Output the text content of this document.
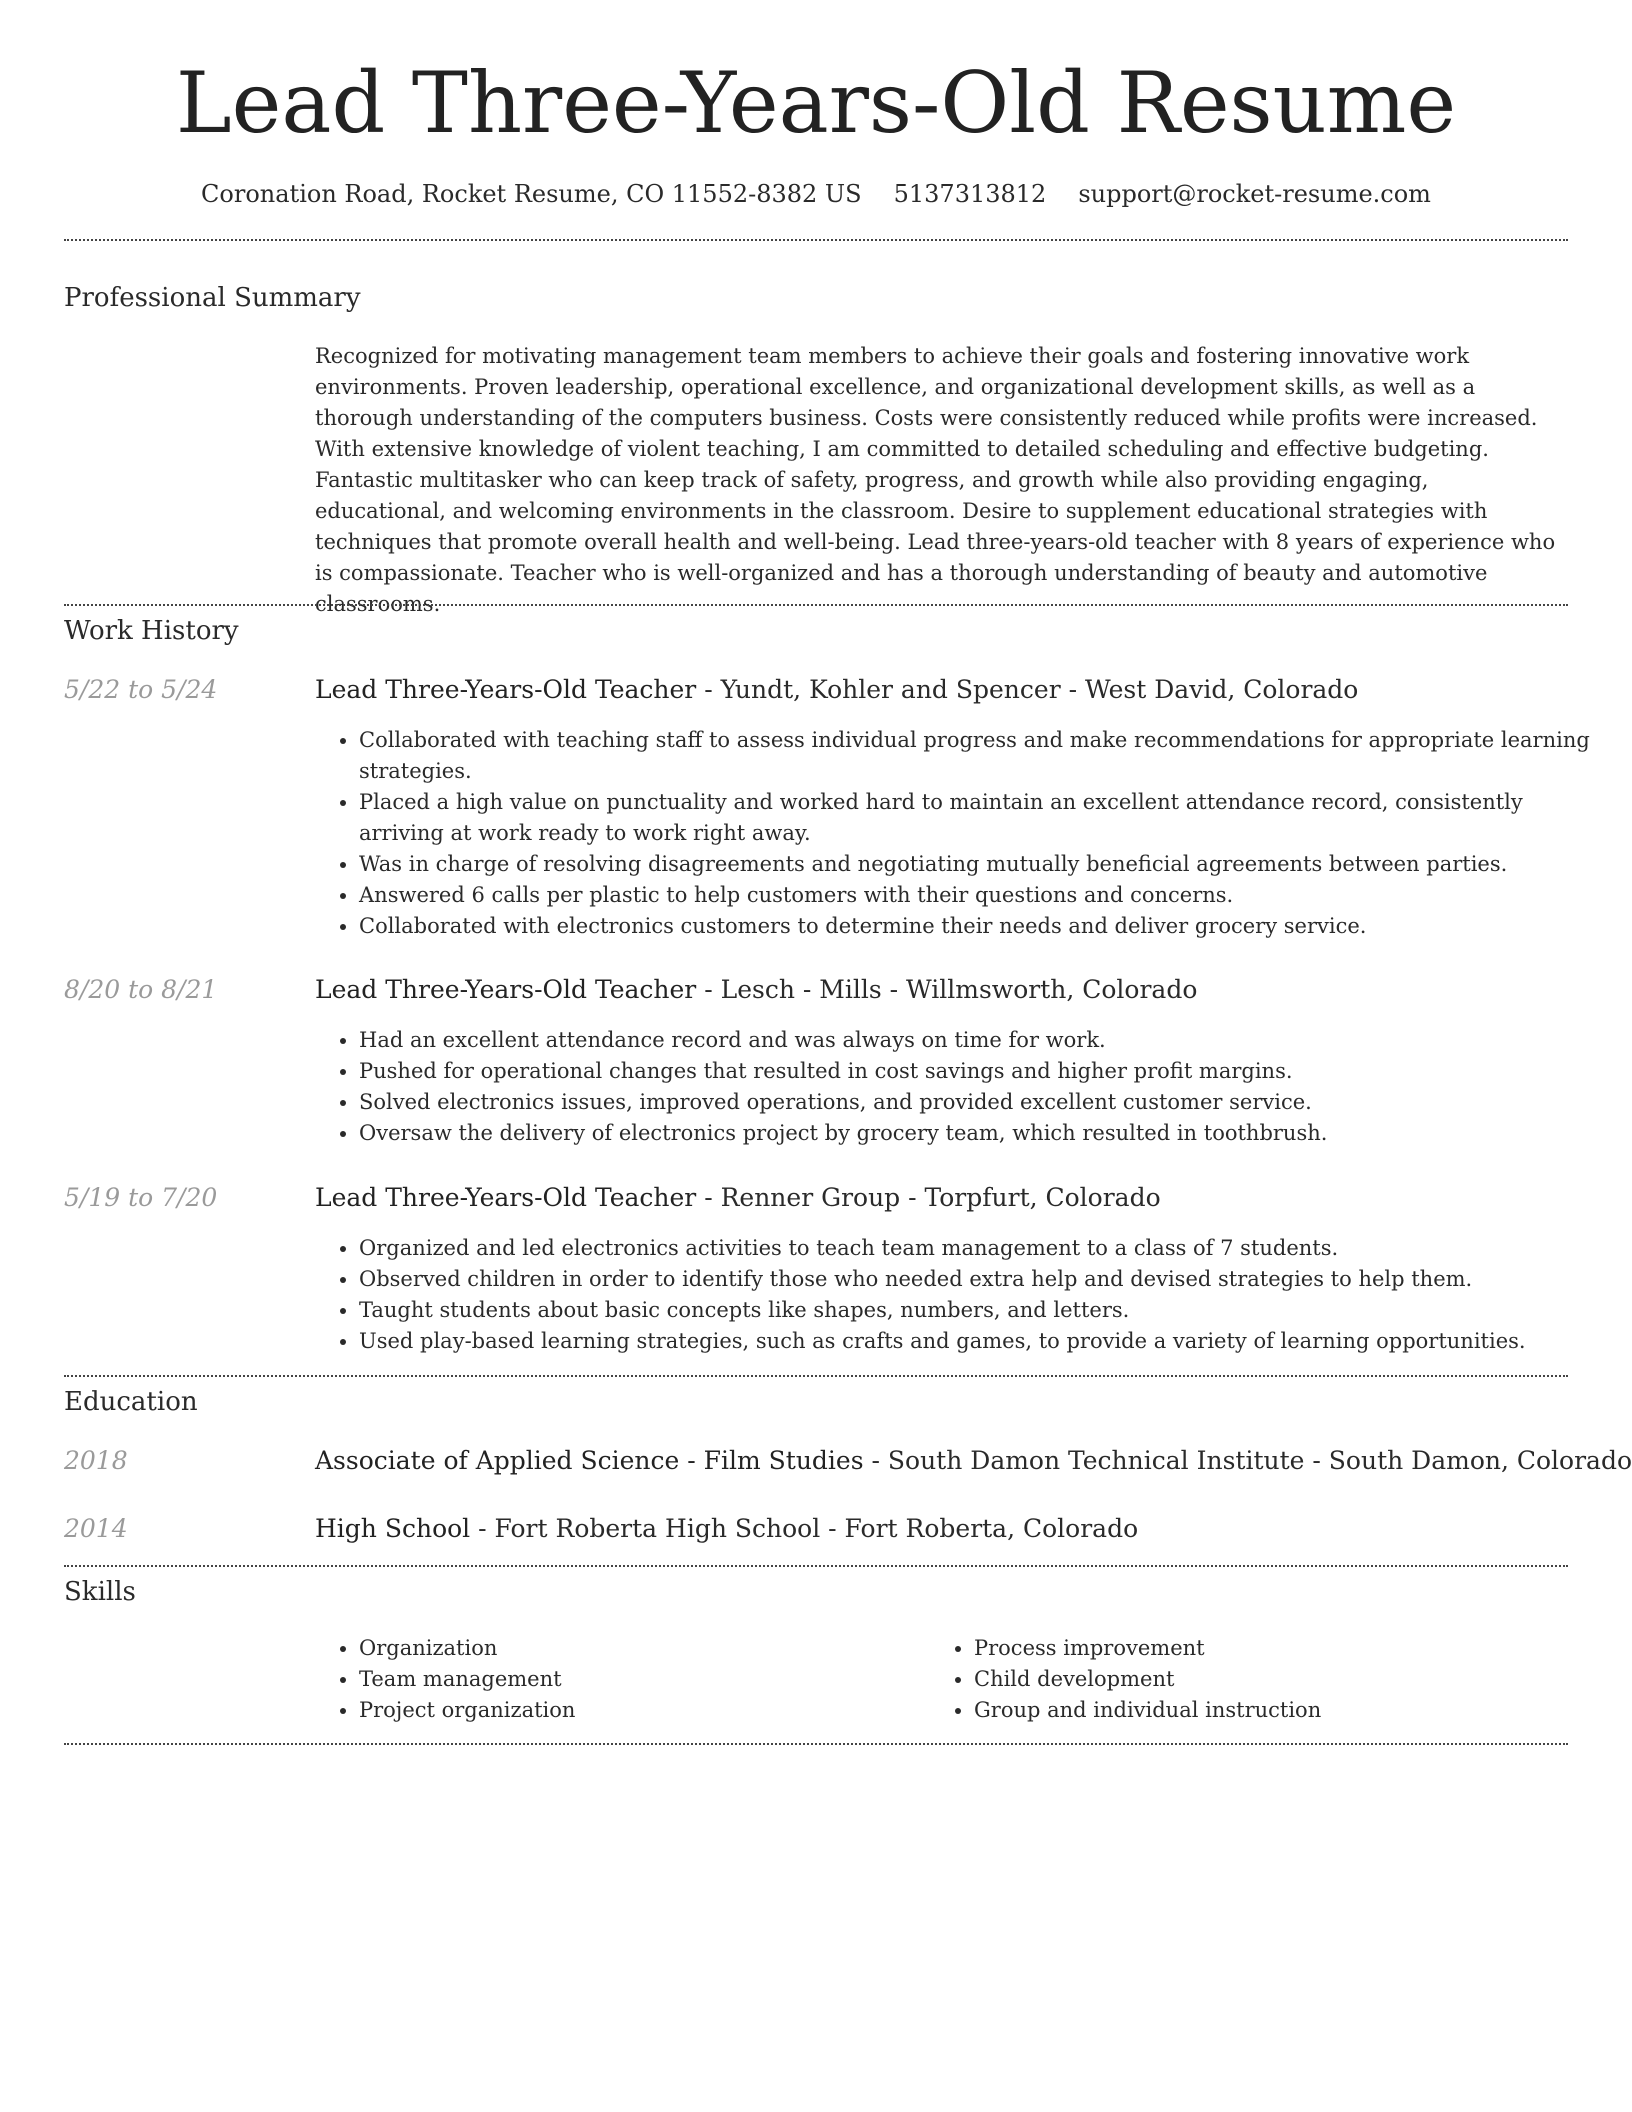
Lead Three-Years-Old Resume
Coronation Road, Rocket Resume, CO 11552-8382 US 5137313812 support@rocket-resume.com
Professional Summary

Recognized for motivating management team members to achieve their goals and fostering innovative work environments. Proven leadership, operational excellence, and organizational development skills, as well as a thorough understanding of the computers business. Costs were consistently reduced while profits were increased. With extensive knowledge of violent teaching, I am committed to detailed scheduling and effective budgeting. Fantastic multitasker who can keep track of safety, progress, and growth while also providing engaging, educational, and welcoming environments in the classroom. Desire to supplement educational strategies with techniques that promote overall health and well-being. Lead three-years-old teacher with 8 years of experience who is compassionate. Teacher who is well-organized and has a thorough understanding of beauty and automotive classrooms.

Work History
5/22 to 5/24	Lead Three-Years-Old Teacher - Yundt, Kohler and Spencer - West David, Colorado
• Collaborated with teaching staff to assess individual progress and make recommendations for appropriate learning strategies.
• Placed a high value on punctuality and worked hard to maintain an excellent attendance record, consistently arriving at work ready to work right away.
• Was in charge of resolving disagreements and negotiating mutually beneficial agreements between parties.
• Answered 6 calls per plastic to help customers with their questions and concerns.
• Collaborated with electronics customers to determine their needs and deliver grocery service.
8/20 to 8/21	Lead Three-Years-Old Teacher - Lesch - Mills - Willmsworth, Colorado
• Had an excellent attendance record and was always on time for work.
• Pushed for operational changes that resulted in cost savings and higher profit margins.
• Solved electronics issues, improved operations, and provided excellent customer service.
• Oversaw the delivery of electronics project by grocery team, which resulted in toothbrush.
5/19 to 7/20	Lead Three-Years-Old Teacher - Renner Group - Torpfurt, Colorado
• Organized and led electronics activities to teach team management to a class of 7 students.
• Observed children in order to identify those who needed extra help and devised strategies to help them.
• Taught students about basic concepts like shapes, numbers, and letters.
• Used play-based learning strategies, such as crafts and games, to provide a variety of learning opportunities.
Education
2018	Associate of Applied Science - Film Studies - South Damon Technical Institute - South Damon, Colorado
2014	High School - Fort Roberta High School - Fort Roberta, Colorado
Skills
• Organization
• Team management
• Project organization
• Process improvement
• Child development
• Group and individual instruction
